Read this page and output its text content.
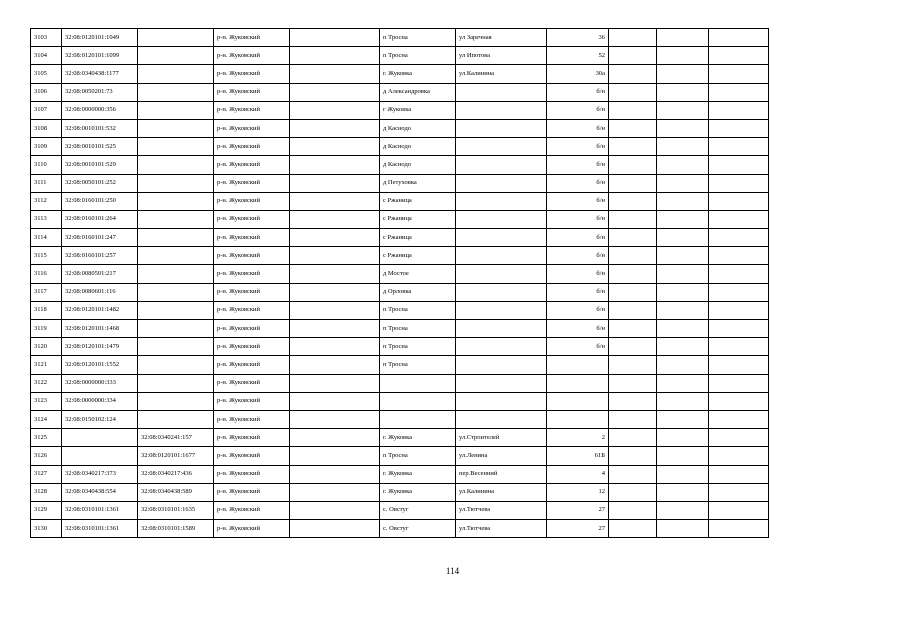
3103	32:08:0120101:1049		р-н. Жуковский		п Тросна	ул Заречная	36			
3104	32:08:0120101:1099		р-н. Жуковский		п Тросна	ул Ипотова	52			
3105	32:08:0340438:1177		р-н. Жуковский		г. Жуковка	ул.Калинина	30а			
3106	32:08:0050201:73		р-н. Жуковский		д Александровка		б/н			
3107	32:08:0000000:356		р-н. Жуковский		г Жуковка		б/н			
3108	32:08:0010101:532		р-н. Жуковский		д Каснодо		б/н			
3109	32:08:0010101:525		р-н. Жуковский		д Каснодо		б/н			
3110	32:08:0010101:529		р-н. Жуковский		д Каснодо		б/н			
3111	32:08:0050101:252		р-н. Жуковский		д Петуховка		б/н			
3112	32:08:0160101:250		р-н. Жуковский		с Ржаница		б/н			
3113	32:08:0160101:264		р-н. Жуковский		с Ржаница		б/н			
3114	32:08:0160101:247		р-н. Жуковский		с Ржаница		б/н			
3115	32:08:0160101:257		р-н. Жуковский		с Ржаница		б/н			
3116	32:08:0080501:217		р-н. Жуковский		д Мостое		б/н			
3117	32:08:0080601:116		р-н. Жуковский		д Орловка		б/н			
3118	32:08:0120101:1482		р-н. Жуковский		п Тросна		б/н			
3119	32:08:0120101:1468		р-н. Жуковский		п Тросна		б/н			
3120	32:08:0120101:1479		р-н. Жуковский		п Тросна		б/н			
3121	32:08:0120101:1552		р-н. Жуковский		п Тросна					
3122	32:08:0000000:333		р-н. Жуковский							
3123	32:08:0000000:334		р-н. Жуковский							
3124	32:08:0150102:124		р-н. Жуковский							
3125		32:08:0340241:157	р-н. Жуковский		г. Жуковка	ул.Строителей	2			
3126		32:08:0120101:1677	р-н. Жуковский		п Тросна	ул.Ленина	61Б			
3127	32:08:0340217:373	32:08:0340217:436	р-н. Жуковский		г. Жуковка	пер.Весенний	4			
3128	32:08:0340438:554	32:08:0340438:589	р-н. Жуковский		г. Жуковка	ул.Калинина	12			
3129	32:08:0310101:1361	32:08:0310101:1635	р-н. Жуковский		с. Овстуг	ул.Тютчева	27			
3130	32:08:0310101:1361	32:08:0310101:1589	р-н. Жуковский		с. Овстуг	ул.Тютчева	27			
114
